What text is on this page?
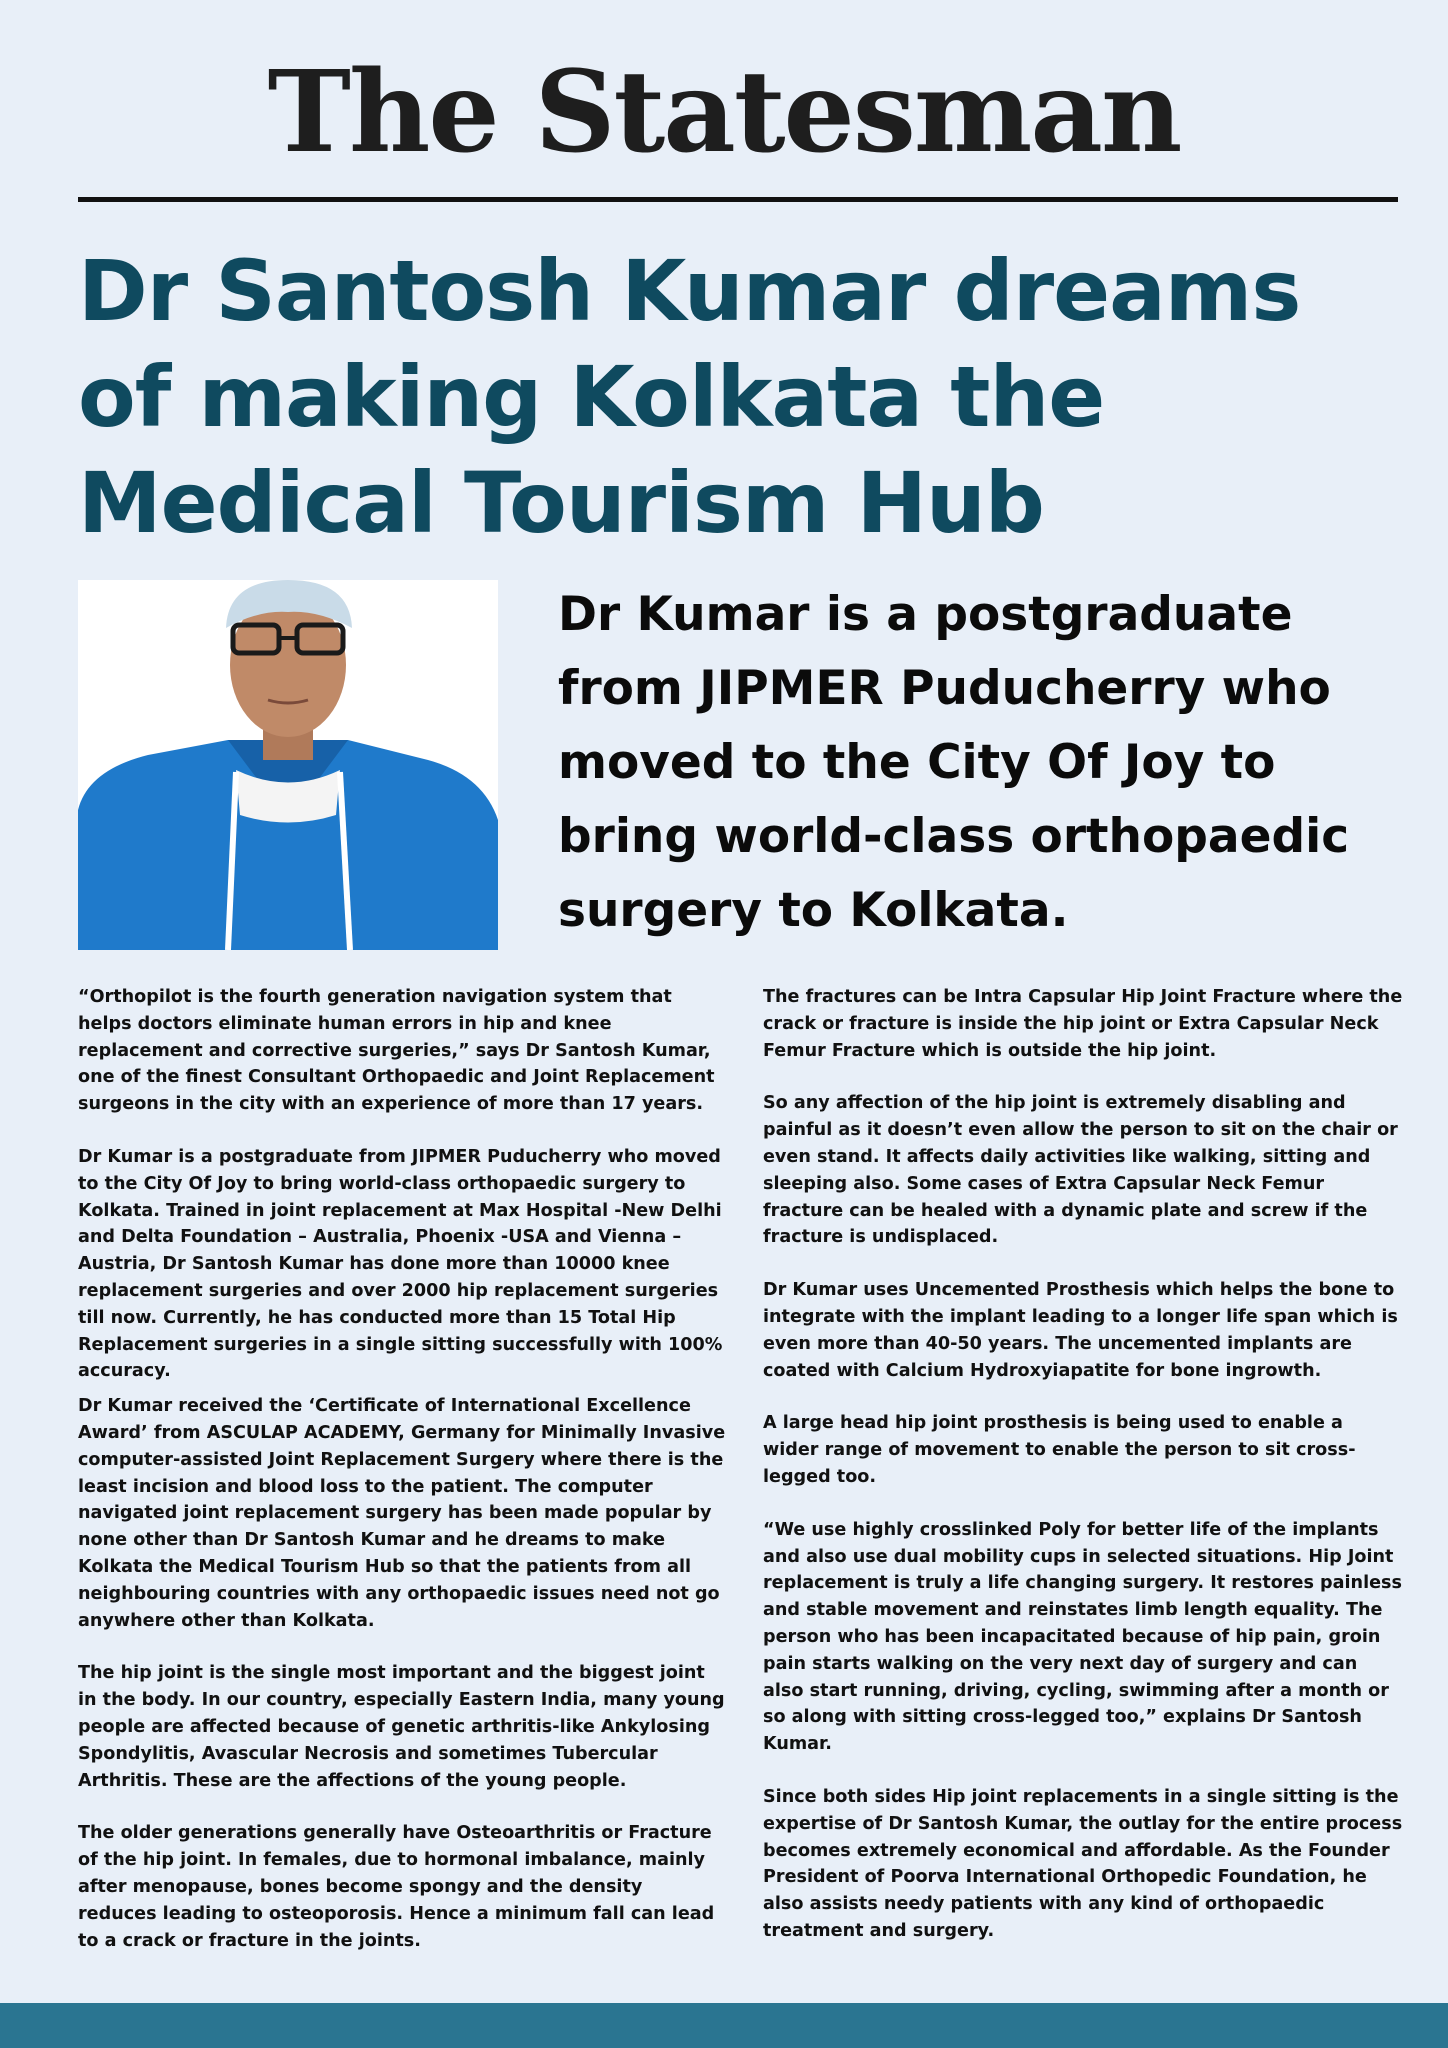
The Statesman
Dr Santosh Kumar dreams of making Kolkata the Medical Tourism Hub

Dr Kumar is a postgraduate from JIPMER Puducherry who moved to the City Of Joy to bring world-class orthopaedic surgery to Kolkata.

“Orthopilot is the fourth generation navigation system that helps doctors eliminate human errors in hip and knee replacement and corrective surgeries,” says Dr Santosh Kumar, one of the finest Consultant Orthopaedic and Joint Replacement surgeons in the city with an experience of more than 17 years.

Dr Kumar is a postgraduate from JIPMER Puducherry who moved to the City Of Joy to bring world-class orthopaedic surgery to Kolkata. Trained in joint replacement at Max Hospital -New Delhi and Delta Foundation – Australia, Phoenix -USA and Vienna – Austria, Dr Santosh Kumar has done more than 10000 knee replacement surgeries and over 2000 hip replacement surgeries till now. Currently, he has conducted more than 15 Total Hip Replacement surgeries in a single sitting successfully with 100% accuracy.

Dr Kumar received the ‘Certificate of International Excellence Award’ from ASCULAP ACADEMY, Germany for Minimally Invasive computer-assisted Joint Replacement Surgery where there is the least incision and blood loss to the patient. The computer navigated joint replacement surgery has been made popular by none other than Dr Santosh Kumar and he dreams to make Kolkata the Medical Tourism Hub so that the patients from all neighbouring countries with any orthopaedic issues need not go anywhere other than Kolkata.

The hip joint is the single most important and the biggest joint in the body. In our country, especially Eastern India, many young people are affected because of genetic arthritis-like Ankylosing Spondylitis, Avascular Necrosis and sometimes Tubercular Arthritis. These are the affections of the young people.

The older generations generally have Osteoarthritis or Fracture of the hip joint. In females, due to hormonal imbalance, mainly after menopause, bones become spongy and the density reduces leading to osteoporosis. Hence a minimum fall can lead to a crack or fracture in the joints.

The fractures can be Intra Capsular Hip Joint Fracture where the crack or fracture is inside the hip joint or Extra Capsular Neck Femur Fracture which is outside the hip joint.

So any affection of the hip joint is extremely disabling and painful as it doesn’t even allow the person to sit on the chair or even stand. It affects daily activities like walking, sitting and sleeping also. Some cases of Extra Capsular Neck Femur fracture can be healed with a dynamic plate and screw if the fracture is undisplaced.

Dr Kumar uses Uncemented Prosthesis which helps the bone to integrate with the implant leading to a longer life span which is even more than 40-50 years. The uncemented implants are coated with Calcium Hydroxyiapatite for bone ingrowth.

A large head hip joint prosthesis is being used to enable a wider range of movement to enable the person to sit cross-legged too.

“We use highly crosslinked Poly for better life of the implants and also use dual mobility cups in selected situations. Hip Joint replacement is truly a life changing surgery. It restores painless and stable movement and reinstates limb length equality. The person who has been incapacitated because of hip pain, groin pain starts walking on the very next day of surgery and can also start running, driving, cycling, swimming after a month or so along with sitting cross-legged too,” explains Dr Santosh Kumar.

Since both sides Hip joint replacements in a single sitting is the expertise of Dr Santosh Kumar, the outlay for the entire process becomes extremely economical and affordable. As the Founder President of Poorva International Orthopedic Foundation, he also assists needy patients with any kind of orthopaedic treatment and surgery.
